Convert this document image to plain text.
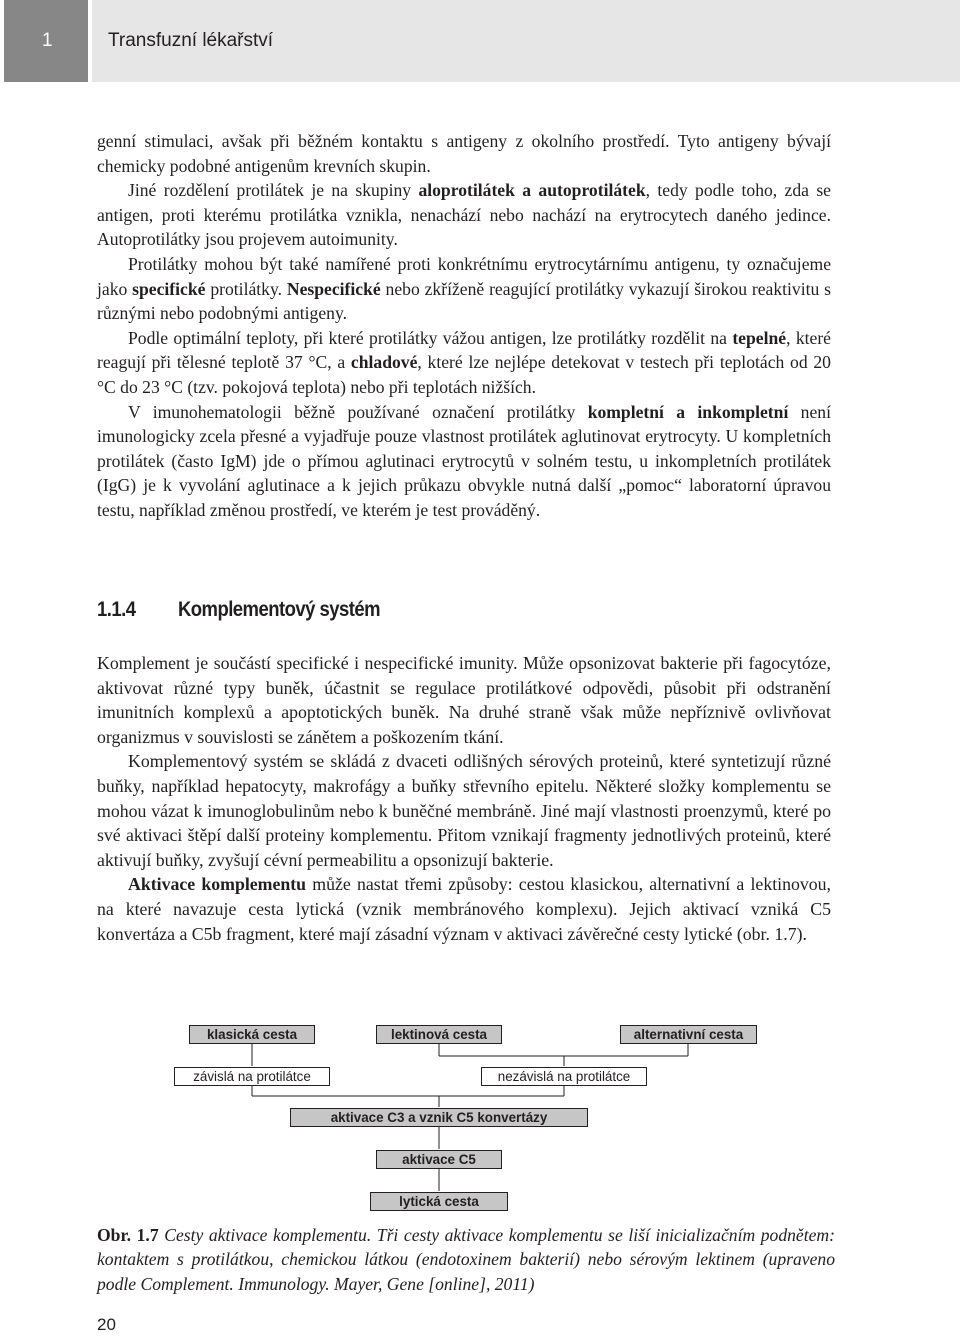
1	Transfuzní lékařství

genní stimulaci, avšak při běžném kontaktu s antigeny z okolního prostředí. Tyto antigeny bývají chemicky podobné antigenům krevních skupin.

Jiné rozdělení protilátek je na skupiny aloprotilátek a autoprotilátek, tedy podle toho, zda se antigen, proti kterému protilátka vznikla, nenachází nebo nachází na erytrocytech daného jedince. Autoprotilátky jsou projevem autoimunity.

Protilátky mohou být také namířené proti konkrétnímu erytrocytárnímu antigenu, ty označujeme jako specifické protilátky. Nespecifické nebo zkříženě reagující protilátky vykazují širokou reaktivitu s různými nebo podobnými antigeny.

Podle optimální teploty, při které protilátky vážou antigen, lze protilátky rozdělit na tepelné, které reagují při tělesné teplotě 37 °C, a chladové, které lze nejlépe detekovat v testech při teplotách od 20 °C do 23 °C (tzv. pokojová teplota) nebo při teplotách nižších.

V imunohematologii běžně používané označení protilátky kompletní a inkompletní není imunologicky zcela přesné a vyjadřuje pouze vlastnost protilátek aglutinovat erytrocyty. U kompletních protilátek (často IgM) jde o přímou aglutinaci erytrocytů v solném testu, u inkompletních protilátek (IgG) je k vyvolání aglutinace a k jejich průkazu obvykle nutná další „pomoc“ laboratorní úpravou testu, například změnou prostředí, ve kterém je test prováděný.

1.1.4 Komplementový systém

Komplement je součástí specifické i nespecifické imunity. Může opsonizovat bakterie při fagocytóze, aktivovat různé typy buněk, účastnit se regulace protilátkové odpovědi, působit při odstranění imunitních komplexů a apoptotických buněk. Na druhé straně však může nepříznivě ovlivňovat organizmus v souvislosti se zánětem a poškozením tkání.

Komplementový systém se skládá z dvaceti odlišných sérových proteinů, které syntetizují různé buňky, například hepatocyty, makrofágy a buňky střevního epitelu. Některé složky komplementu se mohou vázat k imunoglobulinům nebo k buněčné membráně. Jiné mají vlastnosti proenzymů, které po své aktivaci štěpí další proteiny komplementu. Přitom vznikají fragmenty jednotlivých proteinů, které aktivují buňky, zvyšují cévní permeabilitu a opsonizují bakterie.

Aktivace komplementu může nastat třemi způsoby: cestou klasickou, alternativní a lektinovou, na které navazuje cesta lytická (vznik membránového komplexu). Jejich aktivací vzniká C5 konvertáza a C5b fragment, které mají zásadní význam v aktivaci závěrečné cesty lytické (obr. 1.7).

klasická cesta	lektinová cesta	alternativní cesta
závislá na protilátce	nezávislá na protilátce
aktivace C3 a vznik C5 konvertázy
aktivace C5
lytická cesta
Obr. 1.7 Cesty aktivace komplementu. Tři cesty aktivace komplementu se liší inicializačním podnětem: kontaktem s protilátkou, chemickou látkou (endotoxinem bakterií) nebo sérovým lektinem (upraveno podle Complement. Immunology. Mayer, Gene [online], 2011)
20
